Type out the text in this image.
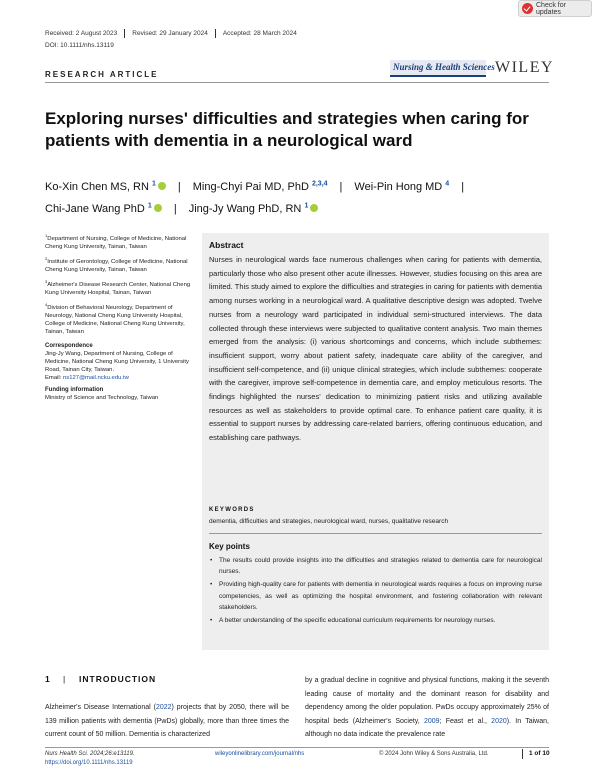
Check for updates
Received: 2 August 2023	Revised: 29 January 2024	Accepted: 28 March 2024
DOI: 10.1111/nhs.13119
RESEARCH ARTICLE
Nursing & Health Sciences WILEY
Exploring nurses' difficulties and strategies when caring for patients with dementia in a neurological ward
Ko-Xin Chen MS, RN $^1$ | Ming-Chyi Pai MD, PhD $^{2,3,4}$ | Wei-Pin Hong MD $^4$ |
Chi-Jane Wang PhD $^1$ | Jing-Jy Wang PhD, RN $^1$
$^1$Department of Nursing, College of Medicine, National Cheng Kung University, Tainan, Taiwan
$^2$Institute of Gerontology, College of Medicine, National Cheng Kung University, Tainan, Taiwan
$^3$Alzheimer's Disease Research Center, National Cheng Kung University Hospital, Tainan, Taiwan
$^4$Division of Behavioral Neurology, Department of Neurology, National Cheng Kung University Hospital, College of Medicine, National Cheng Kung University, Tainan, Taiwan
Correspondence
Jing-Jy Wang, Department of Nursing, College of Medicine, National Cheng Kung University, 1 University Road, Tainan City, Taiwan.
Email: ns127@mail.ncku.edu.tw
Funding information
Ministry of Science and Technology, Taiwan
Abstract
Nurses in neurological wards face numerous challenges when caring for patients with dementia, particularly those who also present other acute illnesses. However, studies focusing on this area are limited. This study aimed to explore the difficulties and strategies in caring for patients with dementia among nurses working in a neurological ward. A qualitative descriptive design was adopted. Twelve nurses from a neurology ward participated in individual semi-structured interviews. The data collected through these interviews were subjected to qualitative content analysis. Two main themes emerged from the analysis: (i) various shortcomings and concerns, which include subthemes: insufficient support, worry about patient safety, inadequate care ability of the caregiver, and insufficient self-competence, and (ii) unique clinical strategies, which include subthemes: cooperate with the caregiver, improve self-competence in dementia care, and employ meticulous resorts. The findings highlighted the nurses' dedication to minimizing patient risks and utilizing available resources as well as stakeholders to provide optimal care. To enhance patient care quality, it is essential to support nurses by addressing care-related barriers, offering continuous education, and establishing care pathways.
KEYWORDS
dementia, difficulties and strategies, neurological ward, nurses, qualitative research
Key points
• The results could provide insights into the difficulties and strategies related to dementia care for neurological nurses.
• Providing high-quality care for patients with dementia in neurological wards requires a focus on improving nurse competencies, as well as optimizing the hospital environment, and fostering collaboration with relevant stakeholders.
• A better understanding of the specific educational curriculum requirements for neurology nurses.
1 | INTRODUCTION
Alzheimer's Disease International (2022) projects that by 2050, there will be 139 million patients with dementia (PwDs) globally, more than three times the current count of 50 million. Dementia is characterized
by a gradual decline in cognitive and physical functions, making it the seventh leading cause of mortality and the dominant reason for disability and dependency among the older population. PwDs occupy approximately 25% of hospital beds (Alzheimer's Society, 2009; Feast et al., 2020). In Taiwan, although no data indicate the prevalence rate
Nurs Health Sci. 2024;26:e13119.
https://doi.org/10.1111/nhs.13119
wileyonlinelibrary.com/journal/nhs	© 2024 John Wiley & Sons Australia, Ltd.	1 of 10
